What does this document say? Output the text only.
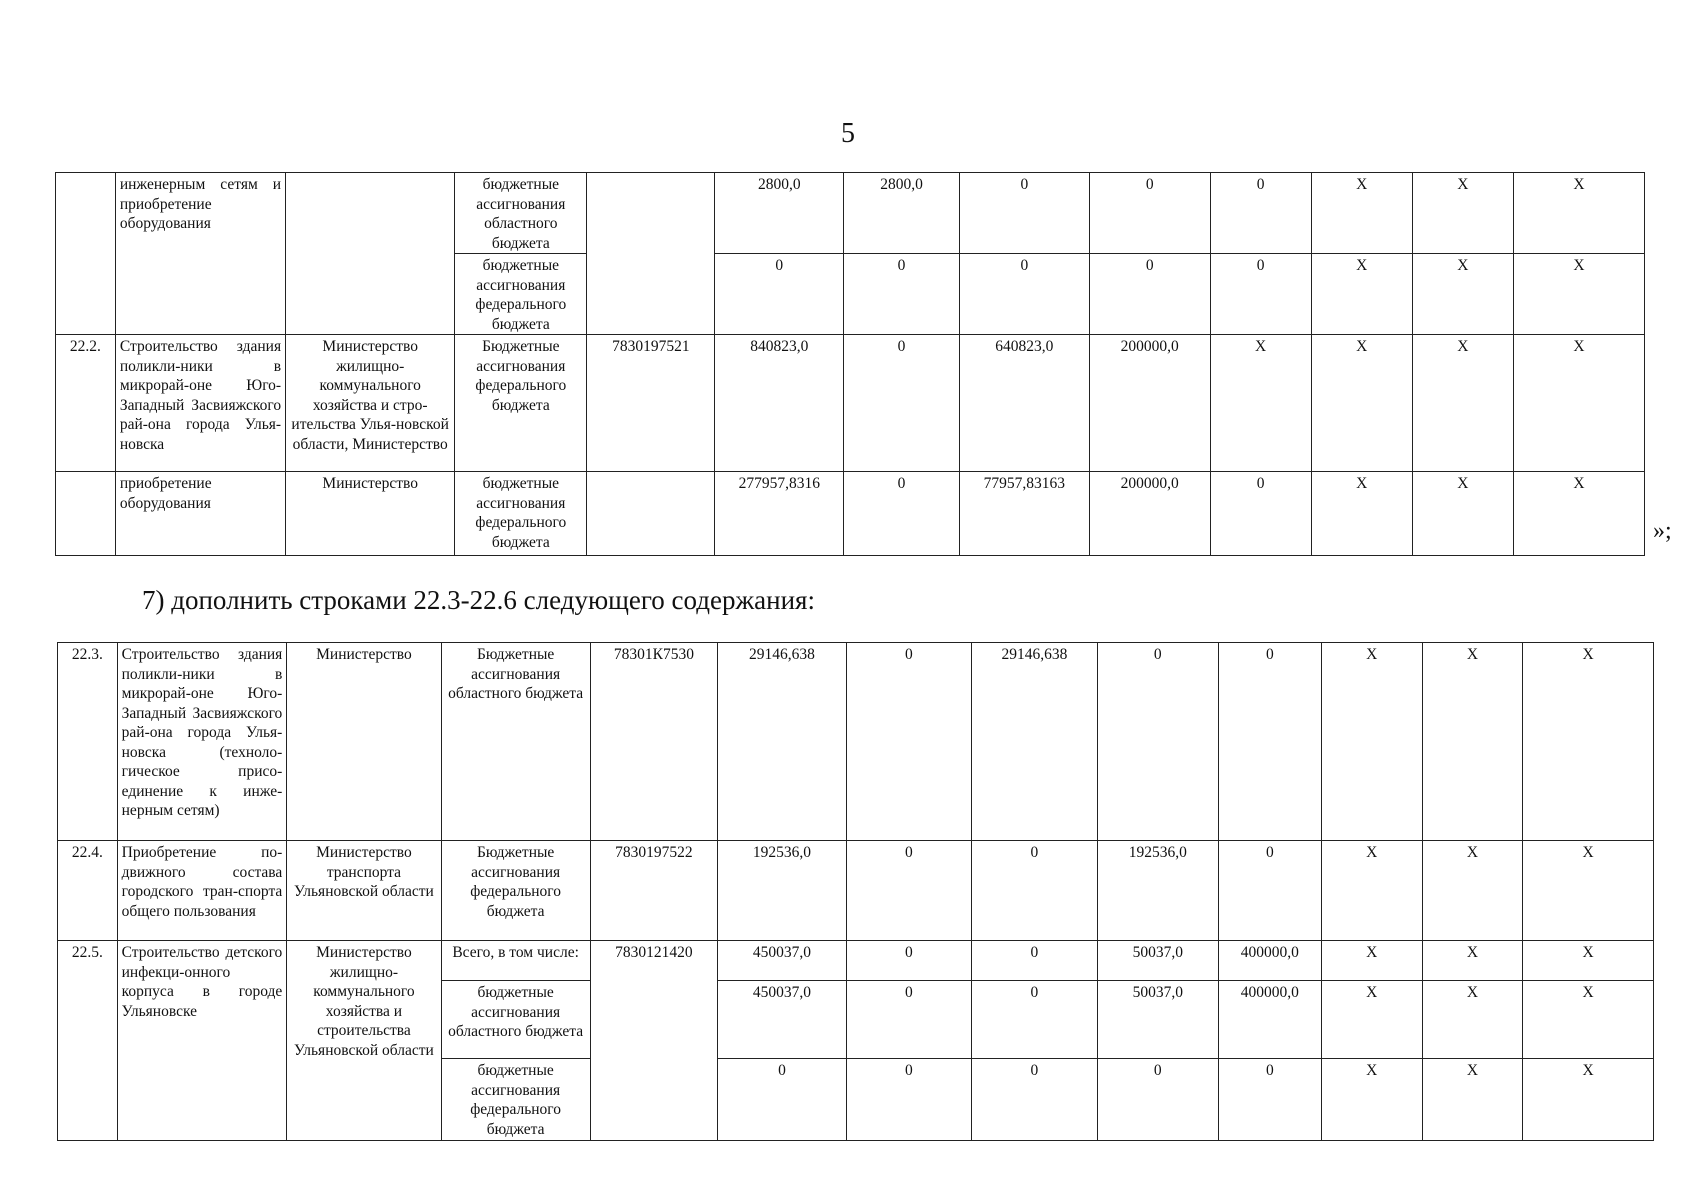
5
	инженерным сетям и приобретение оборудования		бюджетные ассигнования областного бюджета		2800,0	2800,0	0	0	0	Х	Х	Х
			бюджетные ассигнования федерального бюджета		0	0	0	0	0	Х	Х	Х
22.2.	Строительство здания поликли-ники в микрорай-оне Юго-Западный Засвияжского рай-она города Улья-новска	Министерство жилищно-коммунального хозяйства и стро-ительства Улья-новской области, Министерство	Бюджетные ассигнования федерального бюджета	7830197521	840823,0	0	640823,0	200000,0	Х	Х	Х	Х
	приобретение оборудования	Министерство	бюджетные ассигнования федерального бюджета		277957,8316	0	77957,83163	200000,0	0	Х	Х	Х
»;
7) дополнить строками 22.3-22.6 следующего содержания:
22.3.	Строительство здания поликли-ники в микрорай-оне Юго-Западный Засвияжского рай-она города Улья-новска (техноло-гическое присо-единение к инже-нерным сетям)	Министерство	Бюджетные ассигнования областного бюджета	78301К7530	29146,638	0	29146,638	0	0	Х	Х	Х
22.4.	Приобретение по-движного состава городского тран-спорта общего пользования	Министерство транспорта Ульяновской области	Бюджетные ассигнования федерального бюджета	7830197522	192536,0	0	0	192536,0	0	Х	Х	Х
22.5.	Строительство детского инфекци-онного корпуса в городе Ульяновске	Министерство жилищно-коммунального хозяйства и строительства Ульяновской области	Всего, в том числе:	7830121420	450037,0	0	0	50037,0	400000,0	Х	Х	Х
			бюджетные ассигнования областного бюджета		450037,0	0	0	50037,0	400000,0	Х	Х	Х
			бюджетные ассигнования федерального бюджета		0	0	0	0	0	Х	Х	Х
